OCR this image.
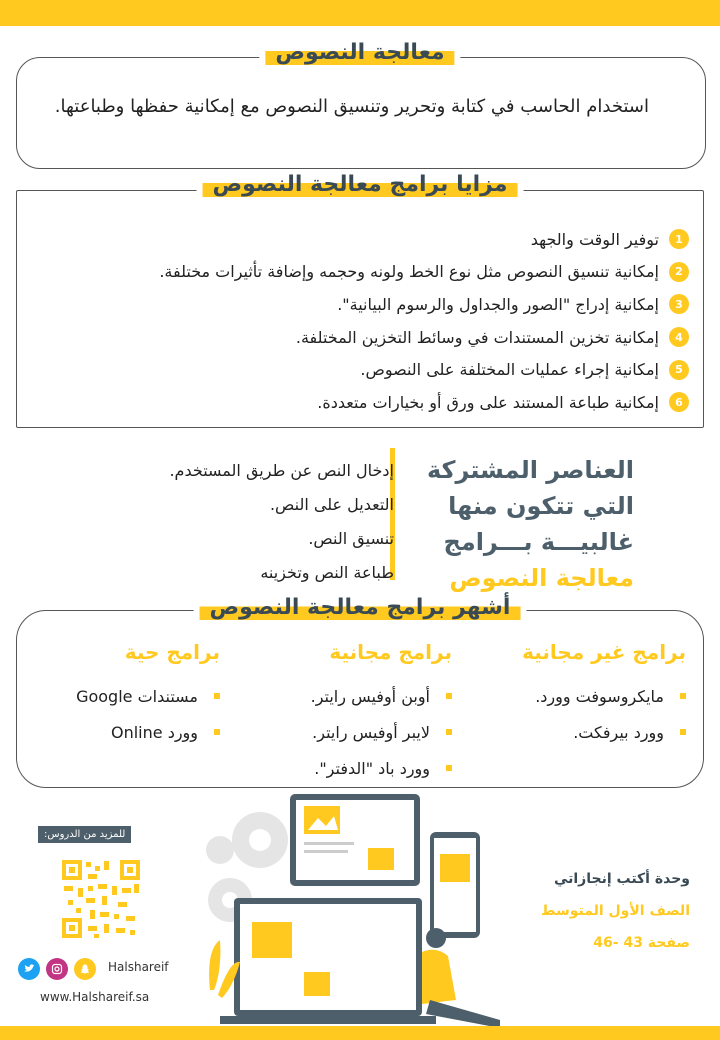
استخدام الحاسب في كتابة وتحرير وتنسيق النصوص مع إمكانية حفظها وطباعتها.

معالجة النصوص
1
توفير الوقت والجهد
2
إمكانية تنسيق النصوص مثل نوع الخط ولونه وحجمه وإضافة تأثيرات مختلفة.
3
إمكانية إدراج "الصور والجداول والرسوم البيانية".
4
إمكانية تخزين المستندات في وسائط التخزين المختلفة.
5
إمكانية إجراء عمليات المختلفة على النصوص.
6
إمكانية طباعة المستند على ورق أو بخيارات متعددة.
مزايا برامج معالجة النصوص
العناصر المشتركة
التي تتكون منها
غالبيـــة بـــرامج
معالجة النصوص
إدخال النص عن طريق المستخدم.
التعديل على النص.
تنسيق النص.
طباعة النص وتخزينه
أشهر برامج معالجة النصوص
برامج غير مجانية
مايكروسوفت وورد.
وورد بيرفكت.
برامج مجانية
أوبن أوفيس رايتر.
لايبر أوفيس رايتر.
وورد باد "الدفتر".
برامج حية
مستندات Google
وورد Online
للمزيد من الدروس:
Halshareif
www.Halshareif.sa
وحدة أكتب إنجازاتي
الصف الأول المتوسط
صفحة 43 -46
